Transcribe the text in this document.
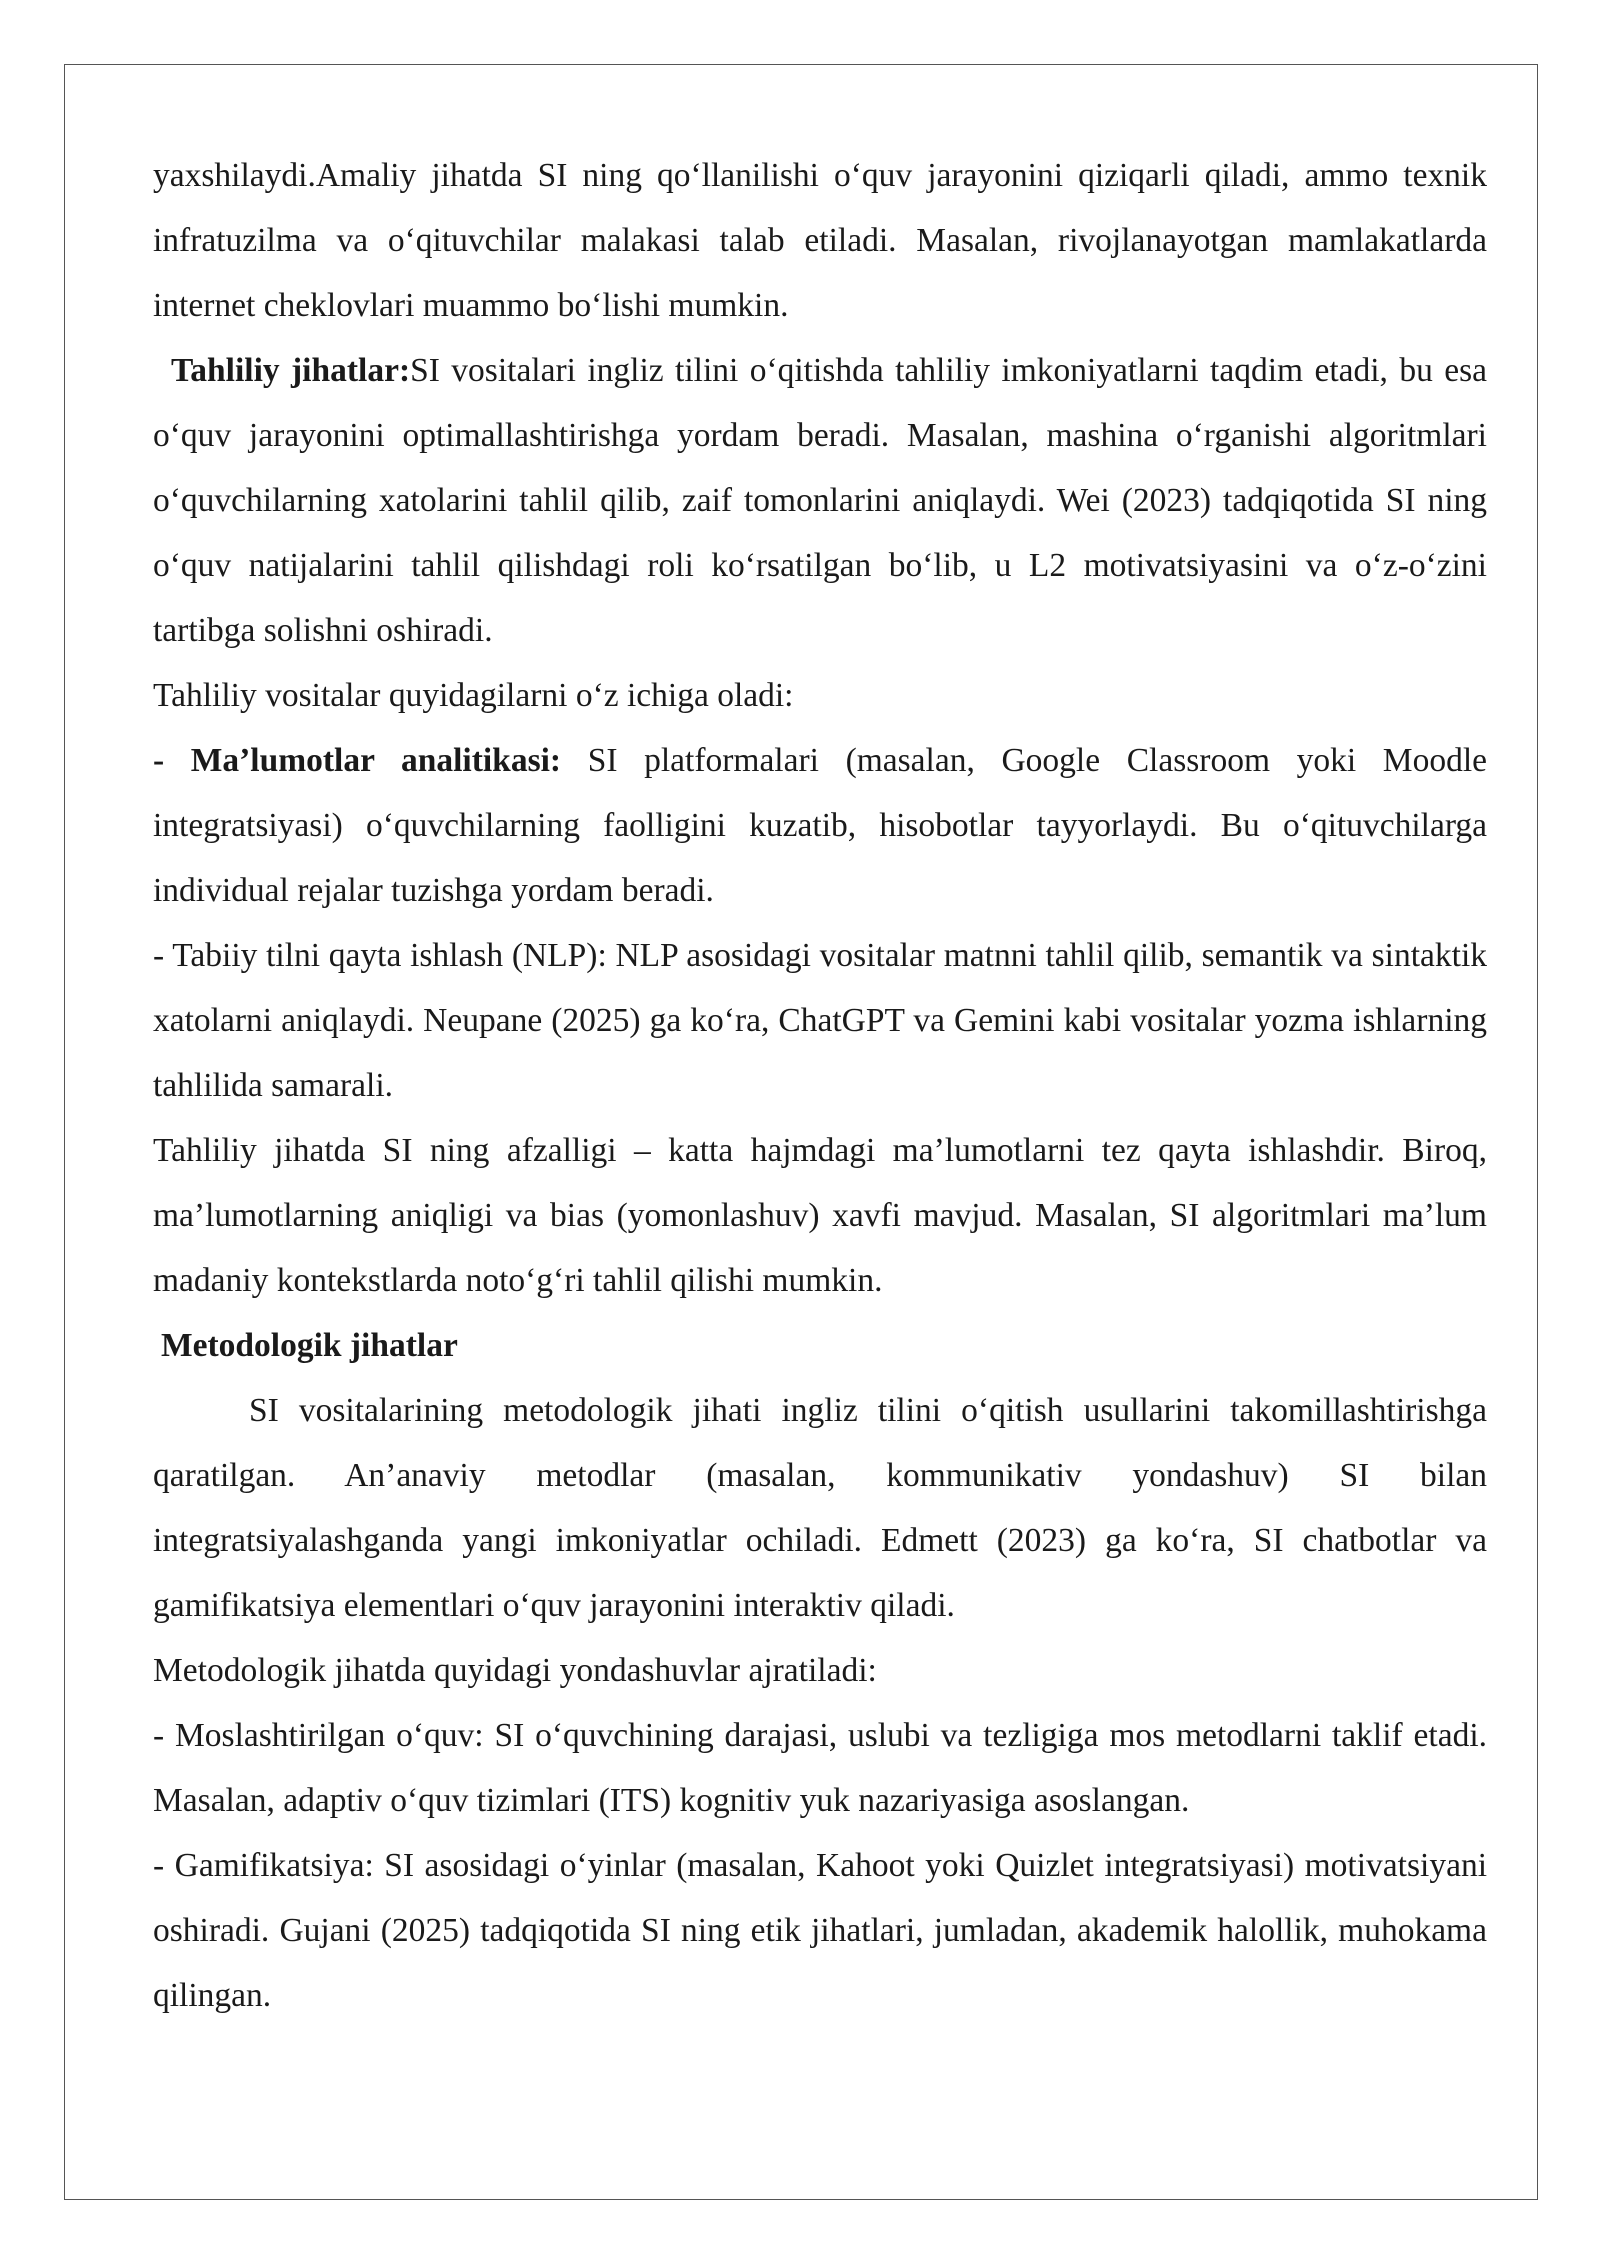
yaxshilaydi.Amaliy jihatda SI ning qo‘llanilishi o‘quv jarayonini qiziqarli qiladi, ammo texnik infratuzilma va o‘qituvchilar malakasi talab etiladi. Masalan, rivojlanayotgan mamlakatlarda internet cheklovlari muammo bo‘lishi mumkin.

Tahliliy jihatlar:SI vositalari ingliz tilini o‘qitishda tahliliy imkoniyatlarni taqdim etadi, bu esa o‘quv jarayonini optimallashtirishga yordam beradi. Masalan, mashina o‘rganishi algoritmlari o‘quvchilarning xatolarini tahlil qilib, zaif tomonlarini aniqlaydi. Wei (2023) tadqiqotida SI ning o‘quv natijalarini tahlil qilishdagi roli ko‘rsatilgan bo‘lib, u L2 motivatsiyasini va o‘z-o‘zini tartibga solishni oshiradi.

Tahliliy vositalar quyidagilarni o‘z ichiga oladi:

- Ma’lumotlar analitikasi: SI platformalari (masalan, Google Classroom yoki Moodle integratsiyasi) o‘quvchilarning faolligini kuzatib, hisobotlar tayyorlaydi. Bu o‘qituvchilarga individual rejalar tuzishga yordam beradi.

- Tabiiy tilni qayta ishlash (NLP): NLP asosidagi vositalar matnni tahlil qilib, semantik va sintaktik xatolarni aniqlaydi. Neupane (2025) ga ko‘ra, ChatGPT va Gemini kabi vositalar yozma ishlarning tahlilida samarali.

Tahliliy jihatda SI ning afzalligi – katta hajmdagi ma’lumotlarni tez qayta ishlashdir. Biroq, ma’lumotlarning aniqligi va bias (yomonlashuv) xavfi mavjud. Masalan, SI algoritmlari ma’lum madaniy kontekstlarda noto‘g‘ri tahlil qilishi mumkin.

Metodologik jihatlar

SI vositalarining metodologik jihati ingliz tilini o‘qitish usullarini takomillashtirishga qaratilgan. An’anaviy metodlar (masalan, kommunikativ yondashuv) SI bilan integratsiyalashganda yangi imkoniyatlar ochiladi. Edmett (2023) ga ko‘ra, SI chatbotlar va gamifikatsiya elementlari o‘quv jarayonini interaktiv qiladi.

Metodologik jihatda quyidagi yondashuvlar ajratiladi:

- Moslashtirilgan o‘quv: SI o‘quvchining darajasi, uslubi va tezligiga mos metodlarni taklif etadi. Masalan, adaptiv o‘quv tizimlari (ITS) kognitiv yuk nazariyasiga asoslangan.

- Gamifikatsiya: SI asosidagi o‘yinlar (masalan, Kahoot yoki Quizlet integratsiyasi) motivatsiyani oshiradi. Gujani (2025) tadqiqotida SI ning etik jihatlari, jumladan, akademik halollik, muhokama qilingan.
